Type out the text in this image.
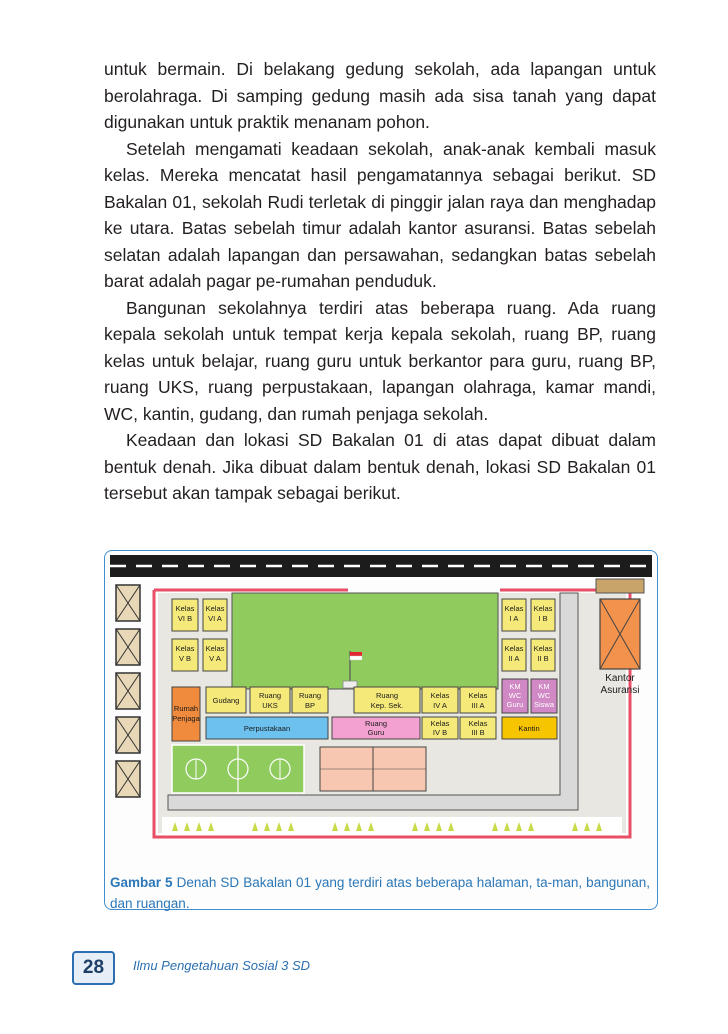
untuk bermain. Di belakang gedung sekolah, ada lapangan untuk berolahraga. Di samping gedung masih ada sisa tanah yang dapat digunakan untuk praktik menanam pohon.

Setelah mengamati keadaan sekolah, anak-anak kembali masuk kelas. Mereka mencatat hasil pengamatannya sebagai berikut. SD Bakalan 01, sekolah Rudi terletak di pinggir jalan raya dan menghadap ke utara. Batas sebelah timur adalah kantor asuransi. Batas sebelah selatan adalah lapangan dan persawahan, sedangkan batas sebelah barat adalah pagar pe-rumahan penduduk.

Bangunan sekolahnya terdiri atas beberapa ruang. Ada ruang kepala sekolah untuk tempat kerja kepala sekolah, ruang BP, ruang kelas untuk belajar, ruang guru untuk berkantor para guru, ruang BP, ruang UKS, ruang perpustakaan, lapangan olahraga, kamar mandi, WC, kantin, gudang, dan rumah penjaga sekolah.

Keadaan dan lokasi SD Bakalan 01 di atas dapat dibuat dalam bentuk denah. Jika dibuat dalam bentuk denah, lokasi SD Bakalan 01 tersebut akan tampak sebagai berikut.

Kelas
VI B
Kelas
VI A
Kelas
V B
Kelas
V A
Kelas
I A
Kelas
I B
Kelas
II A
Kelas
II B
Rumah
Penjaga
Gudang
Ruang
UKS
Ruang
BP
Ruang
Kep. Sek.
Kelas
IV A
Kelas
III A
KM
WC
Guru
KM
WC
Siswa
Perpustakaan
Ruang
Guru
Kelas
IV B
Kelas
III B	Kantin
Kantor
Asuransi
Gambar 5 Denah SD Bakalan 01 yang terdiri atas beberapa halaman, ta-man, bangunan, dan ruangan.
28	Ilmu Pengetahuan Sosial 3 SD
